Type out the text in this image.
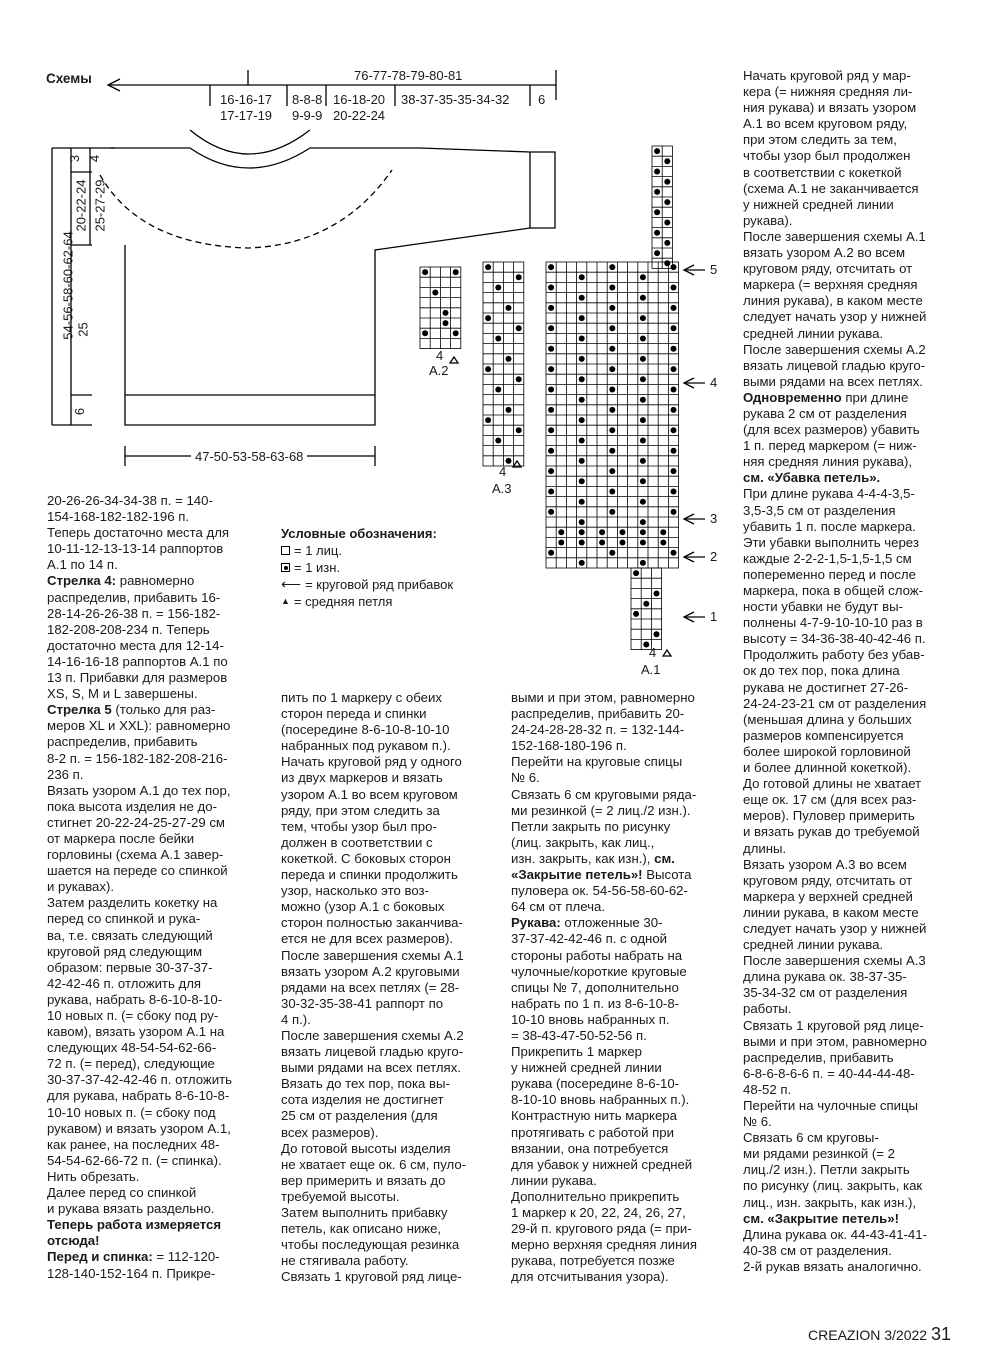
Схемы	76-77-78-79-80-81
16-16-17
17-17-19
8-8-8
9-9-9
16-18-20
20-22-24
38-37-35-35-34-32 6
54-56-58-60-62-64
3 4
20-22-24 25-27-29
25
6
47-50-53-58-63-68
4
А.2
4
А.3
4
А.1
5
4
3
2
1
Условные обозначения:
= 1 лиц.
= 1 изн.
⟵ = круговой ряд прибавок
▲ = средняя петля
20-26-26-34-34-38 п. = 140-
154-168-182-182-196 п.
Теперь достаточно места для
10-11-12-13-13-14 раппортов
А.1 по 14 п.
Стрелка 4: равномерно
распределив, прибавить 16-
28-14-26-26-38 п. = 156-182-
182-208-208-234 п. Теперь
достаточно места для 12-14-
14-16-16-18 раппортов А.1 по
13 п. Прибавки для размеров
XS, S, M и L завершены.
Стрелка 5 (только для раз-
меров XL и XXL): равномерно
распределив, прибавить
8-2 п. = 156-182-182-208-216-
236 п.
Вязать узором А.1 до тех пор,
пока высота изделия не до-
стигнет 20-22-24-25-27-29 см
от маркера после бейки
горловины (схема А.1 завер-
шается на переде со спинкой
и рукавах).
Затем разделить кокетку на
перед со спинкой и рука-
ва, т.е. связать следующий
круговой ряд следующим
образом: первые 30-37-37-
42-42-46 п. отложить для
рукава, набрать 8-6-10-8-10-
10 новых п. (= сбоку под ру-
кавом), вязать узором А.1 на
следующих 48-54-54-62-66-
72 п. (= перед), следующие
30-37-37-42-42-46 п. отложить
для рукава, набрать 8-6-10-8-
10-10 новых п. (= сбоку под
рукавом) и вязать узором А.1,
как ранее, на последних 48-
54-54-62-66-72 п. (= спинка).
Нить обрезать.
Далее перед со спинкой
и рукава вязать раздельно.
Теперь работа измеряется
отсюда!
Перед и спинка: = 112-120-
128-140-152-164 п. Прикре-
пить по 1 маркеру с обеих
сторон переда и спинки
(посередине 8-6-10-8-10-10
набранных под рукавом п.).
Начать круговой ряд у одного
из двух маркеров и вязать
узором А.1 во всем круговом
ряду, при этом следить за
тем, чтобы узор был про-
должен в соответствии с
кокеткой. С боковых сторон
переда и спинки продолжить
узор, насколько это воз-
можно (узор А.1 с боковых
сторон полностью заканчива-
ется не для всех размеров).
После завершения схемы А.1
вязать узором А.2 круговыми
рядами на всех петлях (= 28-
30-32-35-38-41 раппорт по
4 п.).
После завершения схемы А.2
вязать лицевой гладью круго-
выми рядами на всех петлях.
Вязать до тех пор, пока вы-
сота изделия не достигнет
25 см от разделения (для
всех размеров).
До готовой высоты изделия
не хватает еще ок. 6 см, пуло-
вер примерить и вязать до
требуемой высоты.
Затем выполнить прибавку
петель, как описано ниже,
чтобы последующая резинка
не стягивала работу.
Связать 1 круговой ряд лице-
выми и при этом, равномерно
распределив, прибавить 20-
24-24-28-28-32 п. = 132-144-
152-168-180-196 п.
Перейти на круговые спицы
№ 6.
Связать 6 см круговыми ряда-
ми резинкой (= 2 лиц./2 изн.).
Петли закрыть по рисунку
(лиц. закрыть, как лиц.,
изн. закрыть, как изн.), см.
«Закрытие петель»! Высота
пуловера ок. 54-56-58-60-62-
64 см от плеча.
Рукава: отложенные 30-
37-37-42-42-46 п. с одной
стороны работы набрать на
чулочные/короткие круговые
спицы № 7, дополнительно
набрать по 1 п. из 8-6-10-8-
10-10 вновь набранных п.
= 38-43-47-50-52-56 п.
Прикрепить 1 маркер
у нижней средней линии
рукава (посередине 8-6-10-
8-10-10 вновь набранных п.).
Контрастную нить маркера
протягивать с работой при
вязании, она потребуется
для убавок у нижней средней
линии рукава.
Дополнительно прикрепить
1 маркер к 20, 22, 24, 26, 27,
29-й п. кругового ряда (= при-
мерно верхняя средняя линия
рукава, потребуется позже
для отсчитывания узора).
Начать круговой ряд у мар-
кера (= нижняя средняя ли-
ния рукава) и вязать узором
А.1 во всем круговом ряду,
при этом следить за тем,
чтобы узор был продолжен
в соответствии с кокеткой
(схема А.1 не заканчивается
у нижней средней линии
рукава).
После завершения схемы А.1
вязать узором А.2 во всем
круговом ряду, отсчитать от
маркера (= верхняя средняя
линия рукава), в каком месте
следует начать узор у нижней
средней линии рукава.
После завершения схемы А.2
вязать лицевой гладью круго-
выми рядами на всех петлях.
Одновременно при длине
рукава 2 см от разделения
(для всех размеров) убавить
1 п. перед маркером (= ниж-
няя средняя линия рукава),
см. «Убавка петель».
При длине рукава 4-4-4-3,5-
3,5-3,5 см от разделения
убавить 1 п. после маркера.
Эти убавки выполнить через
каждые 2-2-2-1,5-1,5-1,5 см
попеременно перед и после
маркера, пока в общей слож-
ности убавки не будут вы-
полнены 4-7-9-10-10-10 раз в
высоту = 34-36-38-40-42-46 п.
Продолжить работу без убав-
ок до тех пор, пока длина
рукава не достигнет 27-26-
24-24-23-21 см от разделения
(меньшая длина у больших
размеров компенсируется
более широкой горловиной
и более длинной кокеткой).
До готовой длины не хватает
еще ок. 17 см (для всех раз-
меров). Пуловер примерить
и вязать рукав до требуемой
длины.
Вязать узором А.3 во всем
круговом ряду, отсчитать от
маркера у верхней средней
линии рукава, в каком месте
следует начать узор у нижней
средней линии рукава.
После завершения схемы А.3
длина рукава ок. 38-37-35-
35-34-32 см от разделения
работы.
Связать 1 круговой ряд лице-
выми и при этом, равномерно
распределив, прибавить
6-8-6-8-6-6 п. = 40-44-44-48-
48-52 п.
Перейти на чулочные спицы
№ 6.
Связать 6 см круговы-
ми рядами резинкой (= 2
лиц./2 изн.). Петли закрыть
по рисунку (лиц. закрыть, как
лиц., изн. закрыть, как изн.),
см. «Закрытие петель»!
Длина рукава ок. 44-43-41-41-
40-38 см от разделения.
2-й рукав вязать аналогично.
CREAZION 3/2022 31
